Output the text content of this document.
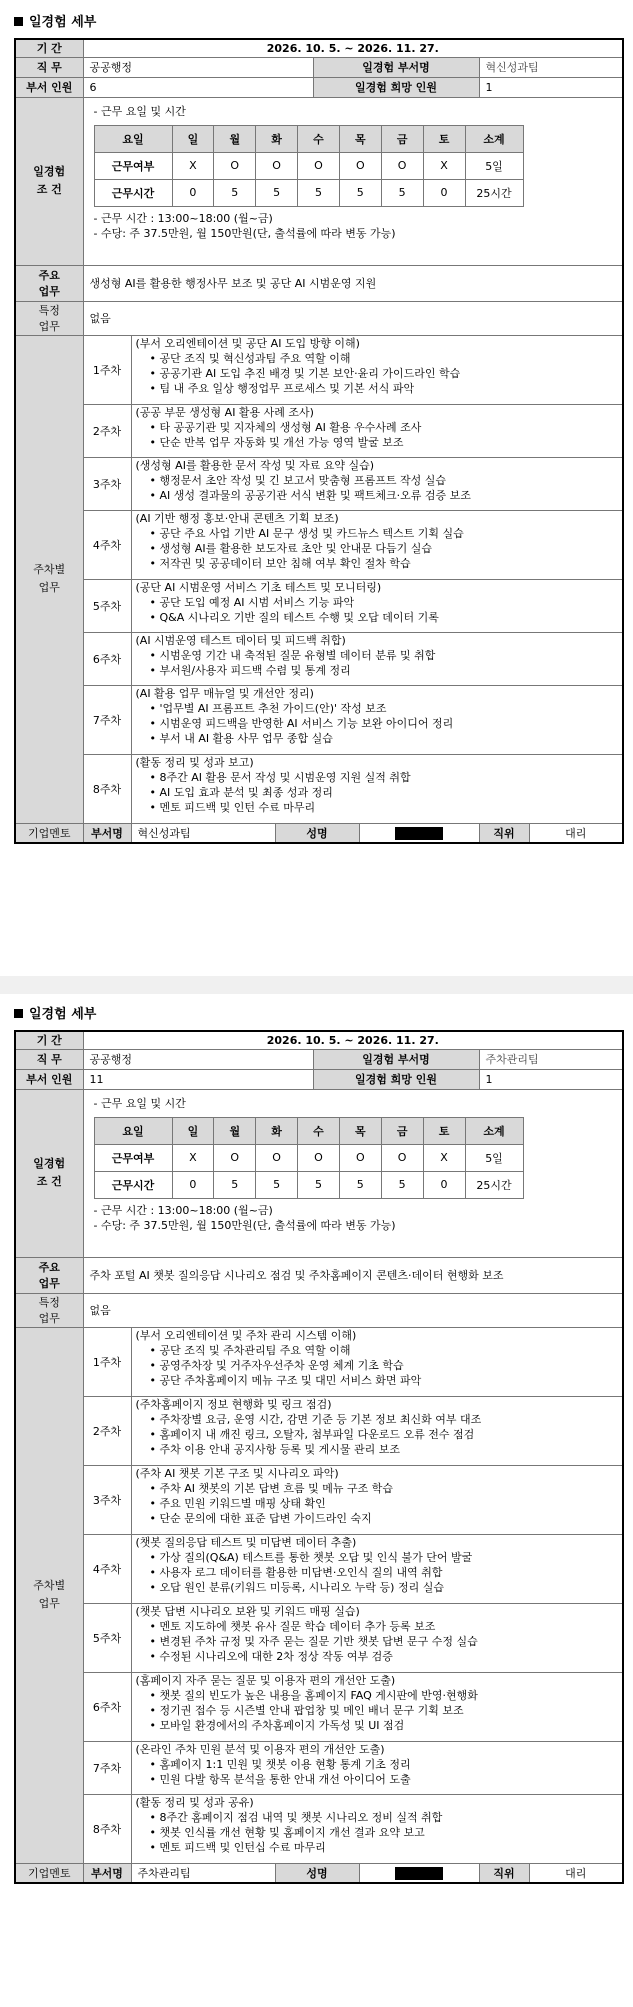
일경험 세부
기 간	2026. 10. 5. ~ 2026. 11. 27.
직 무	공공행정	일경험 부서명	혁신성과팀
부서 인원	6	일경험 희망 인원	1

일경험
조 건

- 근무 요일 및 시간
요일	일	월	화	수	목	금	토	소계
근무여부	X	O	O	O	O	O	X	5일
근무시간	0	5	5	5	5	5	0	25시간
- 근무 시간 : 13:00~18:00 (월~금)
- 수당: 주 37.5만원, 월 150만원(단, 출석률에 따라 변동 가능)

주요
업무
	생성형 AI를 활용한 행정사무 보조 및 공단 AI 시범운영 지원

특정
업무
	없음

주차별
업무
	1주차	
(부서 오리엔테이션 및 공단 AI 도입 방향 이해)
• 공단 조직 및 혁신성과팀 주요 역할 이해
• 공공기관 AI 도입 추진 배경 및 기본 보안·윤리 가이드라인 학습
• 팀 내 주요 일상 행정업무 프로세스 및 기본 서식 파악

2주차	
(공공 부문 생성형 AI 활용 사례 조사)
• 타 공공기관 및 지자체의 생성형 AI 활용 우수사례 조사
• 단순 반복 업무 자동화 및 개선 가능 영역 발굴 보조

3주차	
(생성형 AI를 활용한 문서 작성 및 자료 요약 실습)
• 행정문서 초안 작성 및 긴 보고서 맞춤형 프롬프트 작성 실습
• AI 생성 결과물의 공공기관 서식 변환 및 팩트체크·오류 검증 보조

4주차	
(AI 기반 행정 홍보·안내 콘텐츠 기획 보조)
• 공단 주요 사업 기반 AI 문구 생성 및 카드뉴스 텍스트 기획 실습
• 생성형 AI를 활용한 보도자료 초안 및 안내문 다듬기 실습
• 저작권 및 공공데이터 보안 침해 여부 확인 절차 학습

5주차	
(공단 AI 시범운영 서비스 기초 테스트 및 모니터링)
• 공단 도입 예정 AI 시범 서비스 기능 파악
• Q&A 시나리오 기반 질의 테스트 수행 및 오답 데이터 기록

6주차	
(AI 시범운영 테스트 데이터 및 피드백 취합)
• 시범운영 기간 내 축적된 질문 유형별 데이터 분류 및 취합
• 부서원/사용자 피드백 수렴 및 통계 정리

7주차	
(AI 활용 업무 매뉴얼 및 개선안 정리)
• '업무별 AI 프롬프트 추천 가이드(안)' 작성 보조
• 시범운영 피드백을 반영한 AI 서비스 기능 보완 아이디어 정리
• 부서 내 AI 활용 사무 업무 종합 실습

8주차	
(활동 정리 및 성과 보고)
• 8주간 AI 활용 문서 작성 및 시범운영 지원 실적 취합
• AI 도입 효과 분석 및 최종 성과 정리
• 멘토 피드백 및 인턴 수료 마무리

기업멘토	부서명	혁신성과팀	성명		직위	대리
일경험 세부
기 간	2026. 10. 5. ~ 2026. 11. 27.
직 무	공공행정	일경험 부서명	주차관리팀
부서 인원	11	일경험 희망 인원	1

일경험
조 건

- 근무 요일 및 시간
요일	일	월	화	수	목	금	토	소계
근무여부	X	O	O	O	O	O	X	5일
근무시간	0	5	5	5	5	5	0	25시간
- 근무 시간 : 13:00~18:00 (월~금)
- 수당: 주 37.5만원, 월 150만원(단, 출석률에 따라 변동 가능)

주요
업무
	주차 포털 AI 챗봇 질의응답 시나리오 점검 및 주차홈페이지 콘텐츠·데이터 현행화 보조

특정
업무
	없음

주차별
업무
	1주차	
(부서 오리엔테이션 및 주차 관리 시스템 이해)
• 공단 조직 및 주차관리팀 주요 역할 이해
• 공영주차장 및 거주자우선주차 운영 체계 기초 학습
• 공단 주차홈페이지 메뉴 구조 및 대민 서비스 화면 파악

2주차	
(주차홈페이지 정보 현행화 및 링크 점검)
• 주차장별 요금, 운영 시간, 감면 기준 등 기본 정보 최신화 여부 대조
• 홈페이지 내 깨진 링크, 오탈자, 첨부파일 다운로드 오류 전수 점검
• 주차 이용 안내 공지사항 등록 및 게시물 관리 보조

3주차	
(주차 AI 챗봇 기본 구조 및 시나리오 파악)
• 주차 AI 챗봇의 기본 답변 흐름 및 메뉴 구조 학습
• 주요 민원 키워드별 매핑 상태 확인
• 단순 문의에 대한 표준 답변 가이드라인 숙지

4주차	
(챗봇 질의응답 테스트 및 미답변 데이터 추출)
• 가상 질의(Q&A) 테스트를 통한 챗봇 오답 및 인식 불가 단어 발굴
• 사용자 로그 데이터를 활용한 미답변·오인식 질의 내역 취합
• 오답 원인 분류(키워드 미등록, 시나리오 누락 등) 정리 실습

5주차	
(챗봇 답변 시나리오 보완 및 키워드 매핑 실습)
• 멘토 지도하에 챗봇 유사 질문 학습 데이터 추가 등록 보조
• 변경된 주차 규정 및 자주 묻는 질문 기반 챗봇 답변 문구 수정 실습
• 수정된 시나리오에 대한 2차 정상 작동 여부 검증

6주차	
(홈페이지 자주 묻는 질문 및 이용자 편의 개선안 도출)
• 챗봇 질의 빈도가 높은 내용을 홈페이지 FAQ 게시판에 반영·현행화
• 정기권 접수 등 시즌별 안내 팝업창 및 메인 배너 문구 기획 보조
• 모바일 환경에서의 주차홈페이지 가독성 및 UI 점검

7주차	
(온라인 주차 민원 분석 및 이용자 편의 개선안 도출)
• 홈페이지 1:1 민원 및 챗봇 이용 현황 통계 기초 정리
• 민원 다발 항목 분석을 통한 안내 개선 아이디어 도출

8주차	
(활동 정리 및 성과 공유)
• 8주간 홈페이지 점검 내역 및 챗봇 시나리오 정비 실적 취합
• 챗봇 인식률 개선 현황 및 홈페이지 개선 결과 요약 보고
• 멘토 피드백 및 인턴십 수료 마무리

기업멘토	부서명	주차관리팀	성명		직위	대리
